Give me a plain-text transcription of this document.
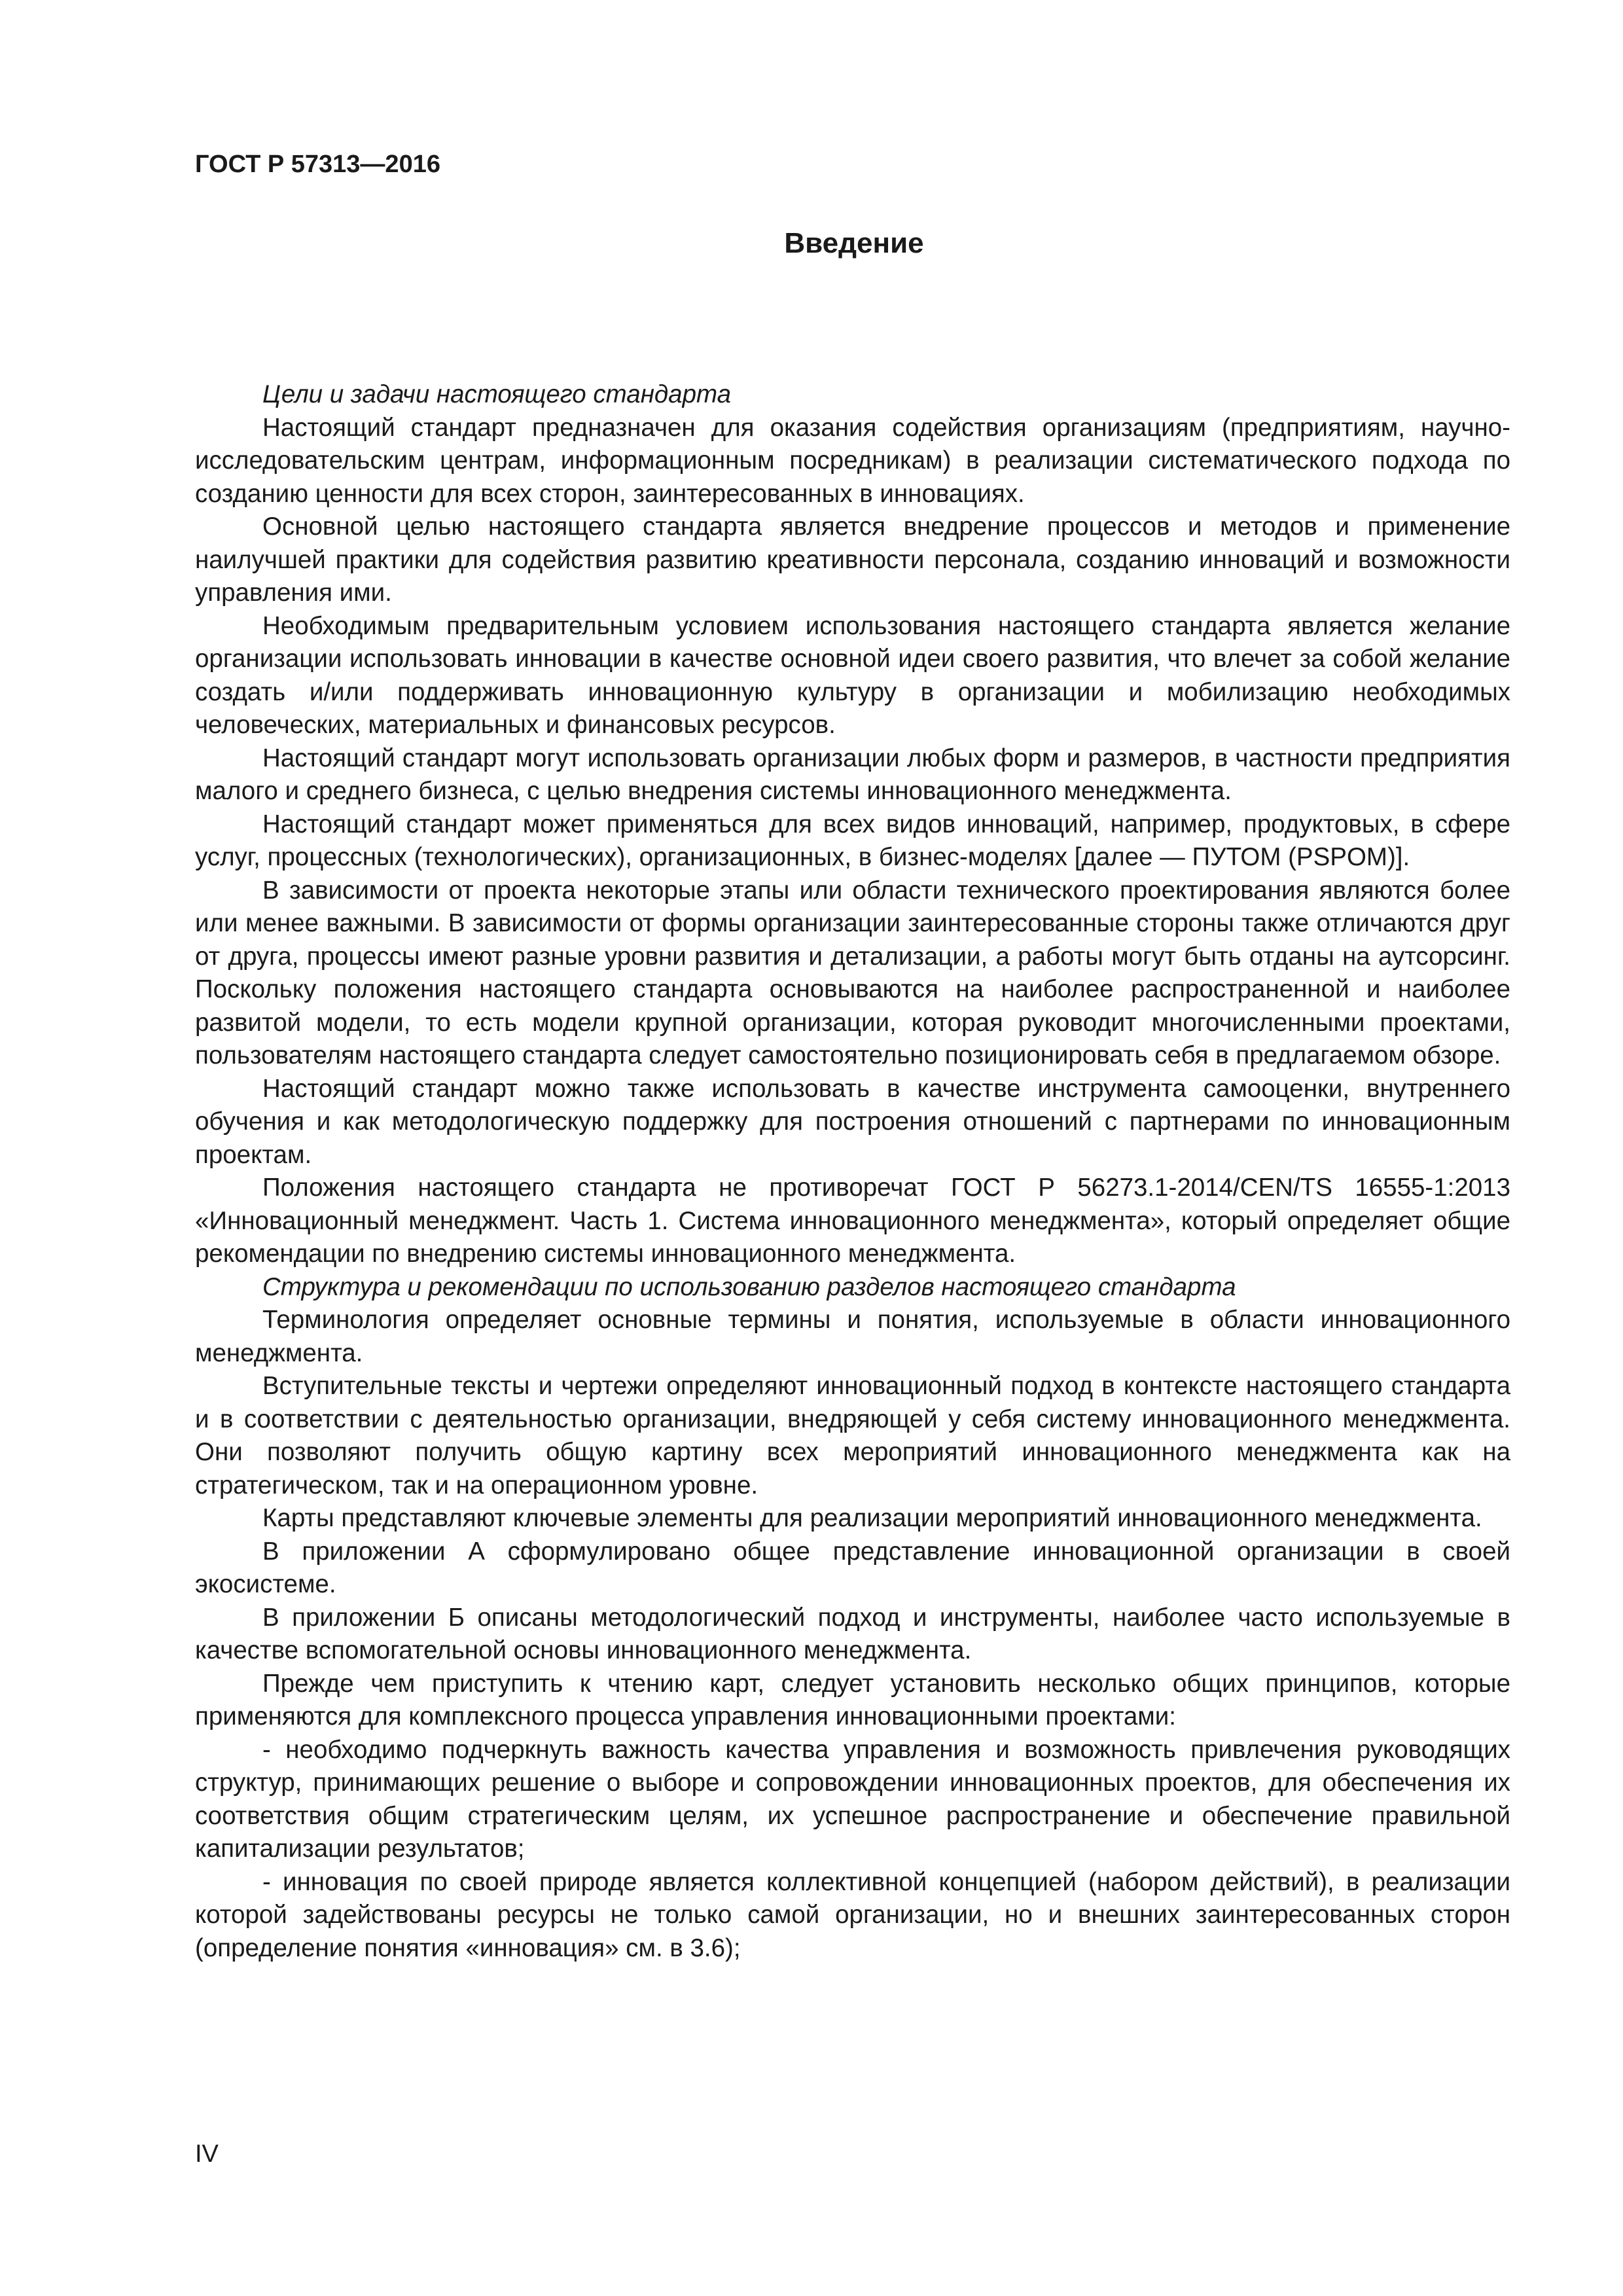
ГОСТ Р 57313—2016
Введение

Цели и задачи настоящего стандарта

Настоящий стандарт предназначен для оказания содействия организациям (предприятиям, научно-исследовательским центрам, информационным посредникам) в реализации систематического подхода по созданию ценности для всех сторон, заинтересованных в инновациях.

Основной целью настоящего стандарта является внедрение процессов и методов и применение наилучшей практики для содействия развитию креативности персонала, созданию инноваций и возможности управления ими.

Необходимым предварительным условием использования настоящего стандарта является желание организации использовать инновации в качестве основной идеи своего развития, что влечет за собой желание создать и/или поддерживать инновационную культуру в организации и мобилизацию необходимых человеческих, материальных и финансовых ресурсов.

Настоящий стандарт могут использовать организации любых форм и размеров, в частности предприятия малого и среднего бизнеса, с целью внедрения системы инновационного менеджмента.

Настоящий стандарт может применяться для всех видов инноваций, например, продуктовых, в сфере услуг, процессных (технологических), организационных, в бизнес-моделях [далее — ПУТОМ (PSPOM)].

В зависимости от проекта некоторые этапы или области технического проектирования являются более или менее важными. В зависимости от формы организации заинтересованные стороны также отличаются друг от друга, процессы имеют разные уровни развития и детализации, а работы могут быть отданы на аутсорсинг. Поскольку положения настоящего стандарта основываются на наиболее распространенной и наиболее развитой модели, то есть модели крупной организации, которая руководит многочисленными проектами, пользователям настоящего стандарта следует самостоятельно позиционировать себя в предлагаемом обзоре.

Настоящий стандарт можно также использовать в качестве инструмента самооценки, внутреннего обучения и как методологическую поддержку для построения отношений с партнерами по инновационным проектам.

Положения настоящего стандарта не противоречат ГОСТ Р 56273.1-2014/CEN/TS 16555-1:2013 «Инновационный менеджмент. Часть 1. Система инновационного менеджмента», который определяет общие рекомендации по внедрению системы инновационного менеджмента.

Структура и рекомендации по использованию разделов настоящего стандарта

Терминология определяет основные термины и понятия, используемые в области инновационного менеджмента.

Вступительные тексты и чертежи определяют инновационный подход в контексте настоящего стандарта и в соответствии с деятельностью организации, внедряющей у себя систему инновационного менеджмента. Они позволяют получить общую картину всех мероприятий инновационного менеджмента как на стратегическом, так и на операционном уровне.

Карты представляют ключевые элементы для реализации мероприятий инновационного менеджмента.

В приложении А сформулировано общее представление инновационной организации в своей экосистеме.

В приложении Б описаны методологический подход и инструменты, наиболее часто используемые в качестве вспомогательной основы инновационного менеджмента.

Прежде чем приступить к чтению карт, следует установить несколько общих принципов, которые применяются для комплексного процесса управления инновационными проектами:

- необходимо подчеркнуть важность качества управления и возможность привлечения руководящих структур, принимающих решение о выборе и сопровождении инновационных проектов, для обеспечения их соответствия общим стратегическим целям, их успешное распространение и обеспечение правильной капитализации результатов;

- инновация по своей природе является коллективной концепцией (набором действий), в реализации которой задействованы ресурсы не только самой организации, но и внешних заинтересованных сторон (определение понятия «инновация» см. в 3.6);

IV
